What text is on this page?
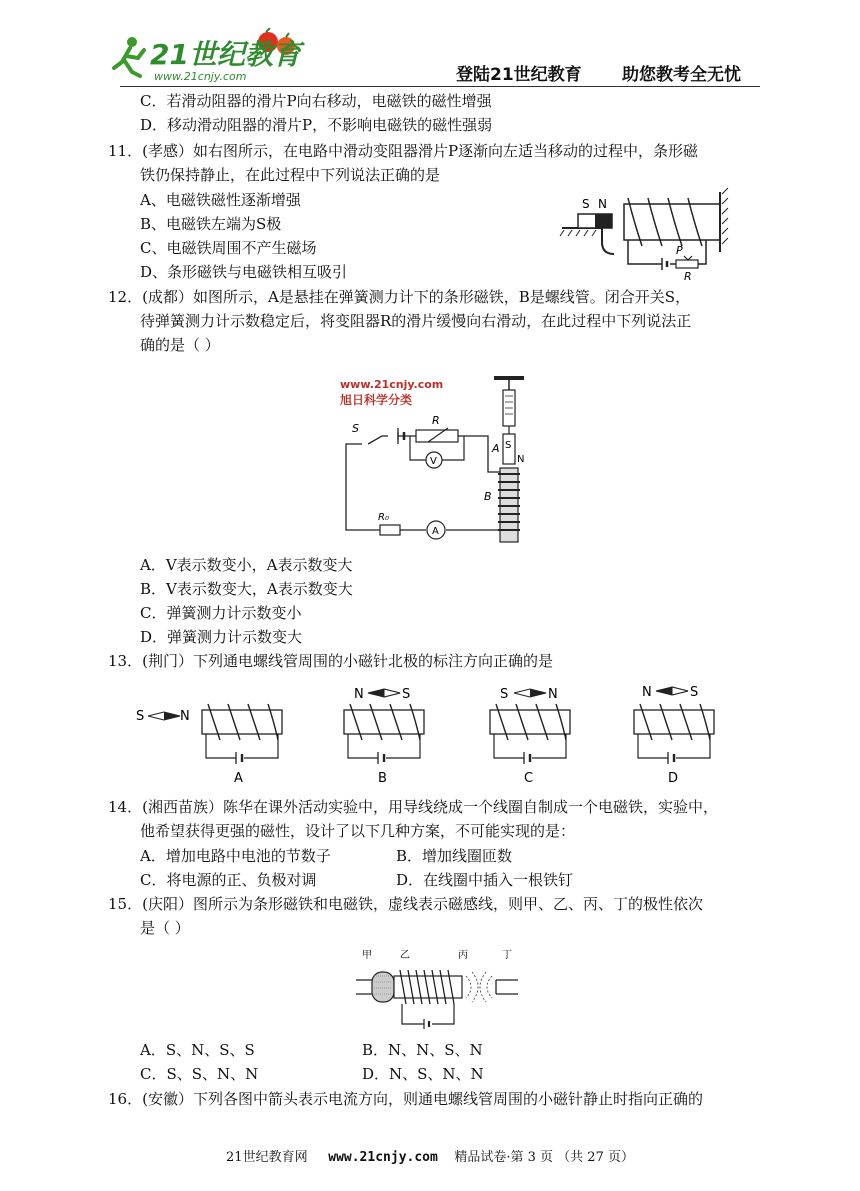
21世纪教育
www.21cnjy.com	登陆21世纪教育 助您教考全无忧
C．若滑动阻器的滑片P向右移动，电磁铁的磁性增强
D．移动滑动阻器的滑片P，不影响电磁铁的磁性强弱
11．(孝感）如右图所示，在电路中滑动变阻器滑片P逐渐向左适当移动的过程中，条形磁
铁仍保持静止，在此过程中下列说法正确的是
A、电磁铁磁性逐渐增强
B、电磁铁左端为S极
C、电磁铁周围不产生磁场
D、条形磁铁与电磁铁相互吸引
S N
P
R
12．(成都）如图所示，A是悬挂在弹簧测力计下的条形磁铁，B是螺线管。闭合开关S，
待弹簧测力计示数稳定后，将变阻器R的滑片缓慢向右滑动，在此过程中下列说法正
确的是（ ）
www.21cnjy.com
旭日科学分类
S
N
A
B
S
R
V
R₀
A
A．V表示数变小，A表示数变大
B．V表示数变大，A表示数变大
C．弹簧测力计示数变小
D．弹簧测力计示数变大
13．(荆门）下列通电螺线管周围的小磁针北极的标注方向正确的是
S	N
A
N	S
B
S	N
C
N	S
D
14．(湘西苗族）陈华在课外活动实验中，用导线绕成一个线圈自制成一个电磁铁，实验中，
他希望获得更强的磁性，设计了以下几种方案，不可能实现的是：
A．增加电路中电池的节数子	B．增加线圈匝数
C．将电源的正、负极对调	D．在线圈中插入一根铁钉
15．(庆阳）图所示为条形磁铁和电磁铁，虚线表示磁感线，则甲、乙、丙、丁的极性依次
是（ ）
甲	乙	丙	丁
A．S、N、S、S	B．N、N、S、N
C．S、S、N、N	D．N、S、N、N
16．(安徽）下列各图中箭头表示电流方向，则通电螺线管周围的小磁针静止时指向正确的
21世纪教育网 www.21cnjy.com 精品试卷·第 3 页 （共 27 页）
